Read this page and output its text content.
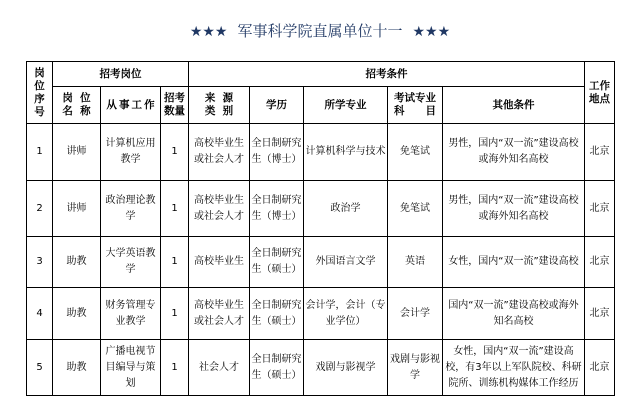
★★★ 军事科学院直属单位十一 ★★★
岗位序号	招考岗位			招考条件					工作地点
	岗位名称	从事工作	招考数量	来源类别	学历	所学专业	考试专业科目	其他条件	
1	讲师	计算机应用教学	1	高校毕业生或社会人才	全日制研究生（博士）	计算机科学与技术	免笔试	男性，国内“双一流”建设高校或海外知名高校	北京
2	讲师	政治理论教学	1	高校毕业生或社会人才	全日制研究生（博士）	政治学	免笔试	男性，国内“双一流”建设高校或海外知名高校	北京
3	助教	大学英语教学	1	高校毕业生	全日制研究生（硕士）	外国语言文学	英语	女性，国内“双一流”建设高校	北京
4	助教	财务管理专业教学	1	高校毕业生或社会人才	全日制研究生（硕士）	会计学，会计（专业学位）	会计学	国内“双一流”建设高校或海外知名高校	北京
5	助教	广播电视节目编导与策划	1	社会人才	全日制研究生（硕士）	戏剧与影视学	戏剧与影视学	女性，国内“双一流”建设高校，有3年以上军队院校、科研院所、训练机构媒体工作经历	北京
